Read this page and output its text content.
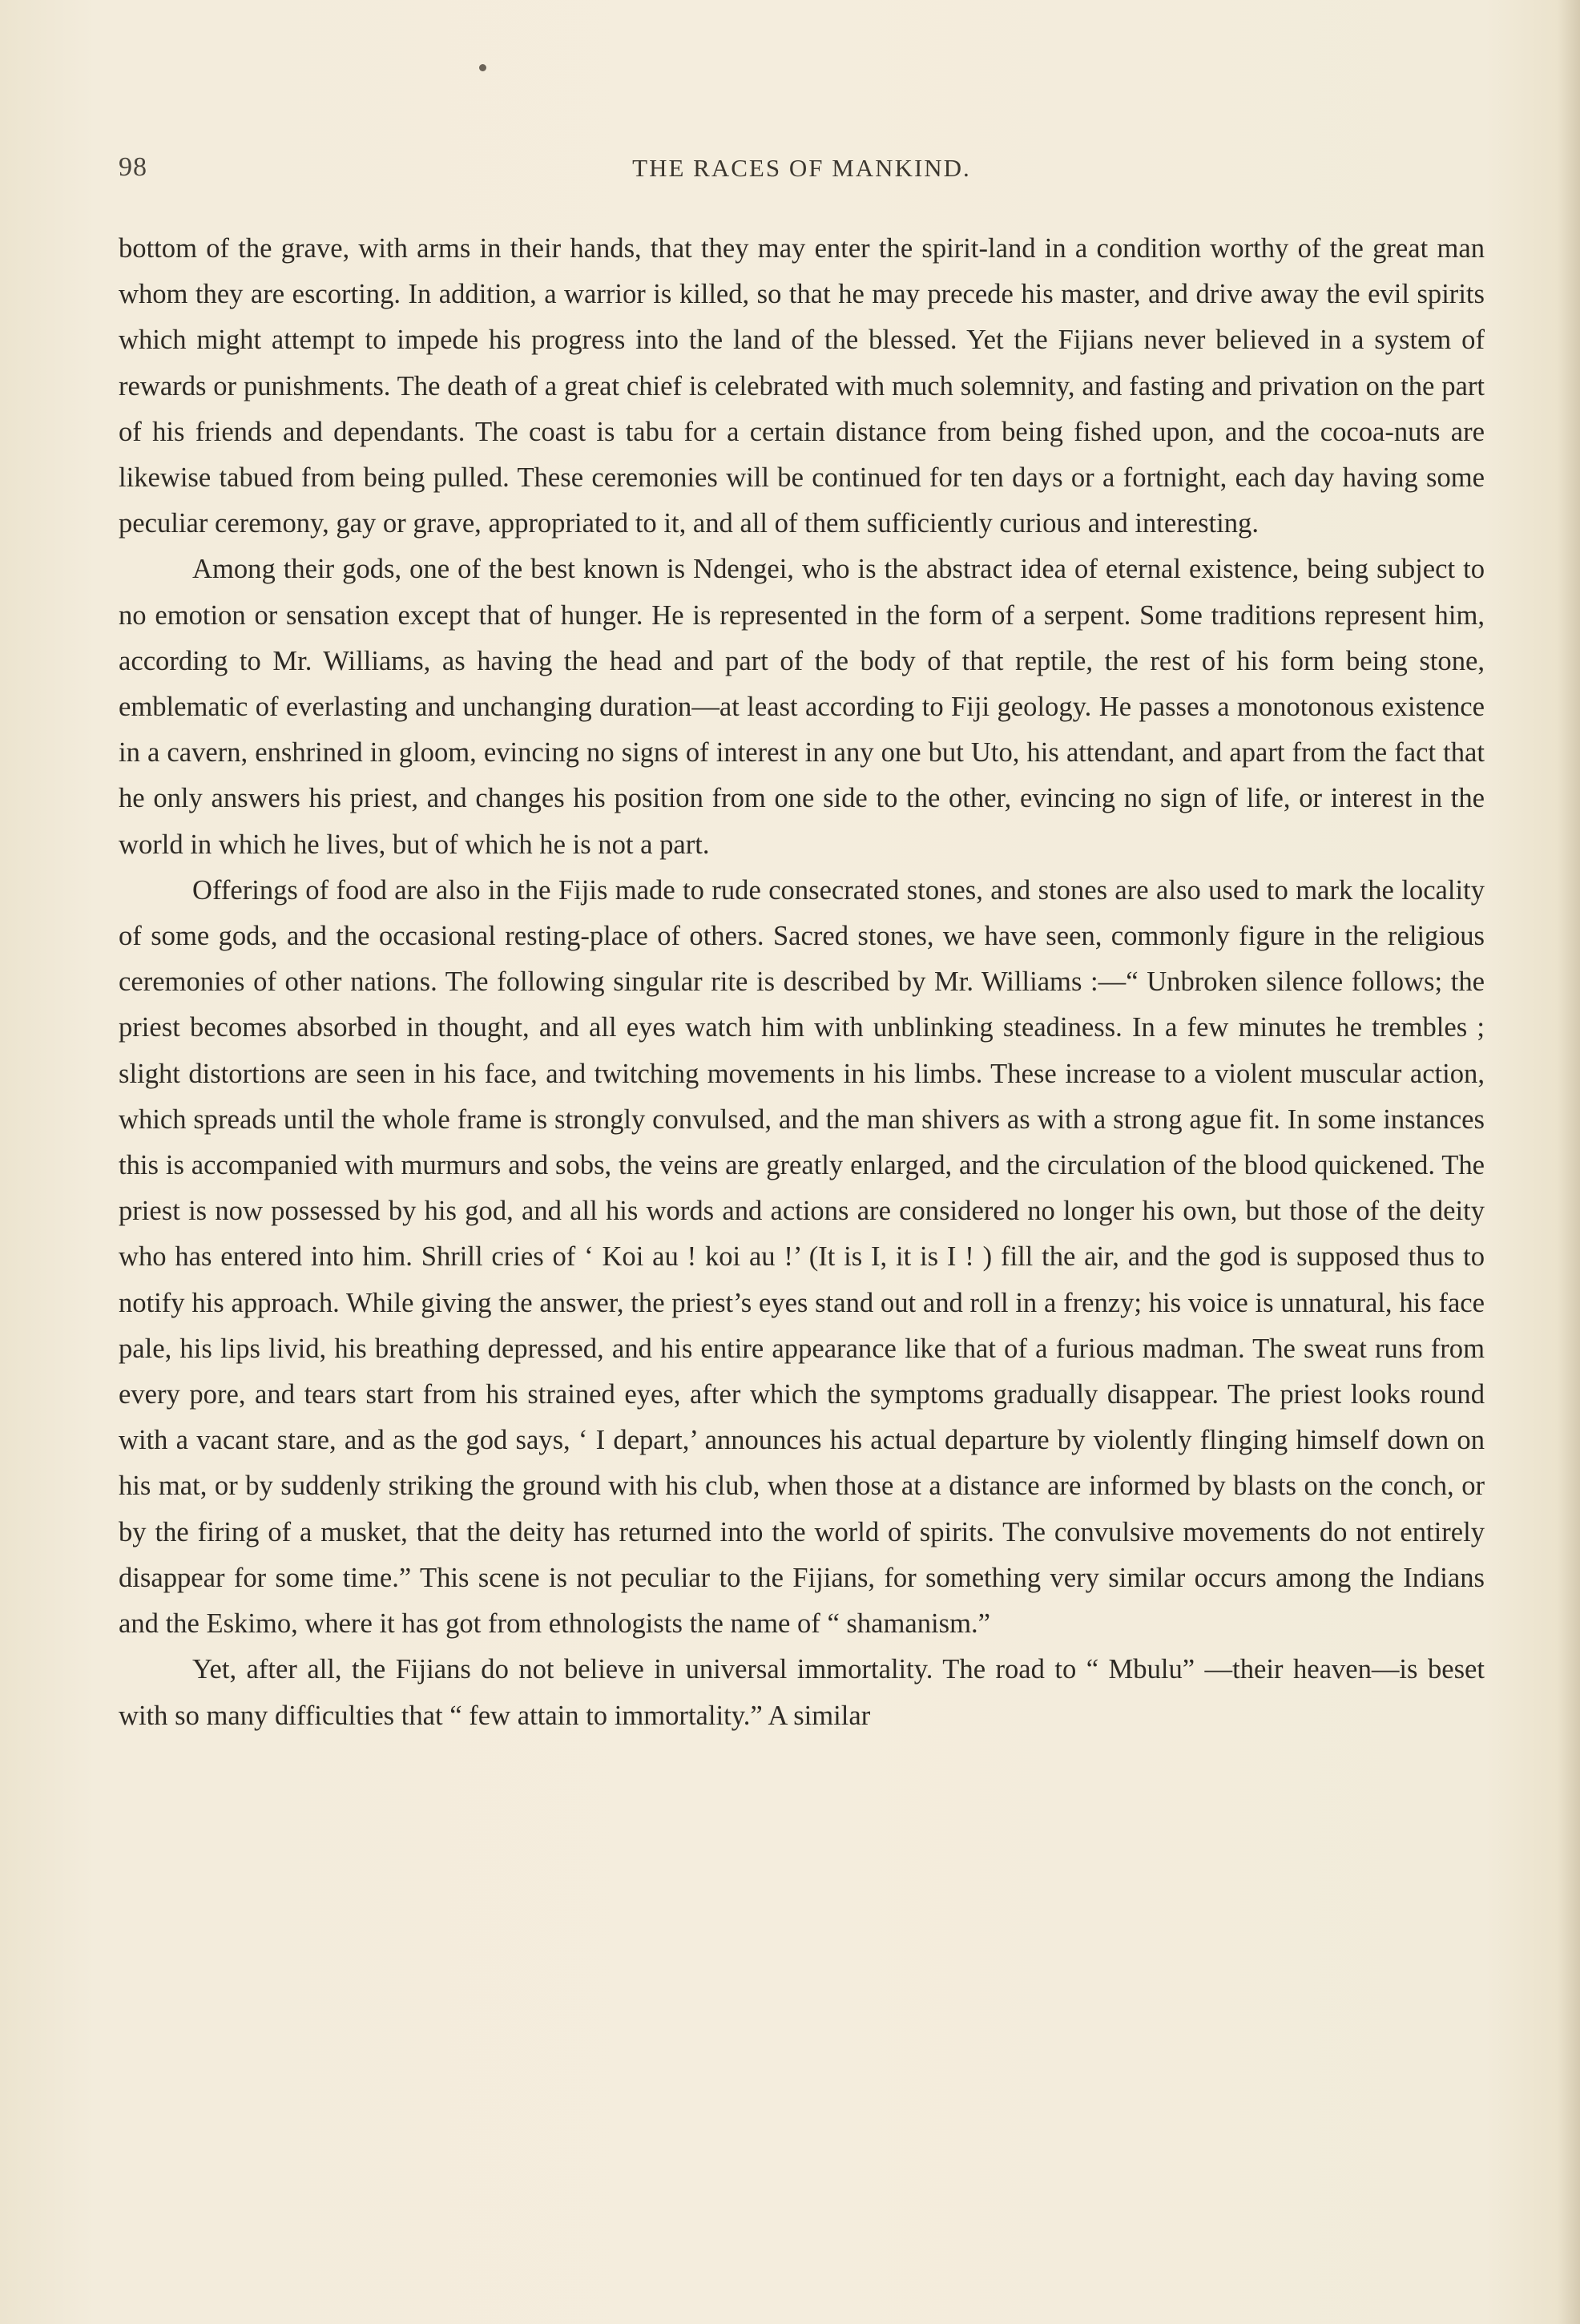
98	THE RACES OF MANKIND.

bottom of the grave, with arms in their hands, that they may enter the spirit-land in a condition worthy of the great man whom they are escorting. In addition, a warrior is killed, so that he may precede his master, and drive away the evil spirits which might attempt to impede his progress into the land of the blessed. Yet the Fijians never believed in a system of rewards or punishments. The death of a great chief is celebrated with much solemnity, and fasting and privation on the part of his friends and dependants. The coast is tabu for a certain distance from being fished upon, and the cocoa-nuts are likewise tabued from being pulled. These ceremonies will be continued for ten days or a fortnight, each day having some peculiar ceremony, gay or grave, appropriated to it, and all of them sufficiently curious and interesting.

Among their gods, one of the best known is Ndengei, who is the abstract idea of eternal existence, being subject to no emotion or sensation except that of hunger. He is represented in the form of a serpent. Some traditions represent him, according to Mr. Williams, as having the head and part of the body of that reptile, the rest of his form being stone, emblematic of everlasting and unchanging duration—at least according to Fiji geology. He passes a monotonous existence in a cavern, enshrined in gloom, evincing no signs of interest in any one but Uto, his attendant, and apart from the fact that he only answers his priest, and changes his position from one side to the other, evincing no sign of life, or interest in the world in which he lives, but of which he is not a part.

Offerings of food are also in the Fijis made to rude consecrated stones, and stones are also used to mark the locality of some gods, and the occasional resting-place of others. Sacred stones, we have seen, commonly figure in the religious ceremonies of other nations. The following singular rite is described by Mr. Williams :—“ Unbroken silence follows; the priest becomes absorbed in thought, and all eyes watch him with unblinking steadiness. In a few minutes he trembles ; slight distortions are seen in his face, and twitching movements in his limbs. These increase to a violent muscular action, which spreads until the whole frame is strongly convulsed, and the man shivers as with a strong ague fit. In some instances this is accompanied with murmurs and sobs, the veins are greatly enlarged, and the circulation of the blood quickened. The priest is now possessed by his god, and all his words and actions are considered no longer his own, but those of the deity who has entered into him. Shrill cries of ‘ Koi au ! koi au !’ (It is I, it is I ! ) fill the air, and the god is supposed thus to notify his approach. While giving the answer, the priest’s eyes stand out and roll in a frenzy; his voice is unnatural, his face pale, his lips livid, his breathing depressed, and his entire appearance like that of a furious madman. The sweat runs from every pore, and tears start from his strained eyes, after which the symptoms gradually disappear. The priest looks round with a vacant stare, and as the god says, ‘ I depart,’ announces his actual departure by violently flinging himself down on his mat, or by suddenly striking the ground with his club, when those at a distance are informed by blasts on the conch, or by the firing of a musket, that the deity has returned into the world of spirits. The convulsive movements do not entirely disappear for some time.” This scene is not peculiar to the Fijians, for something very similar occurs among the Indians and the Eskimo, where it has got from ethnologists the name of “ shamanism.”

Yet, after all, the Fijians do not believe in universal immortality. The road to “ Mbulu” —their heaven—is beset with so many difficulties that “ few attain to immortality.” A similar
